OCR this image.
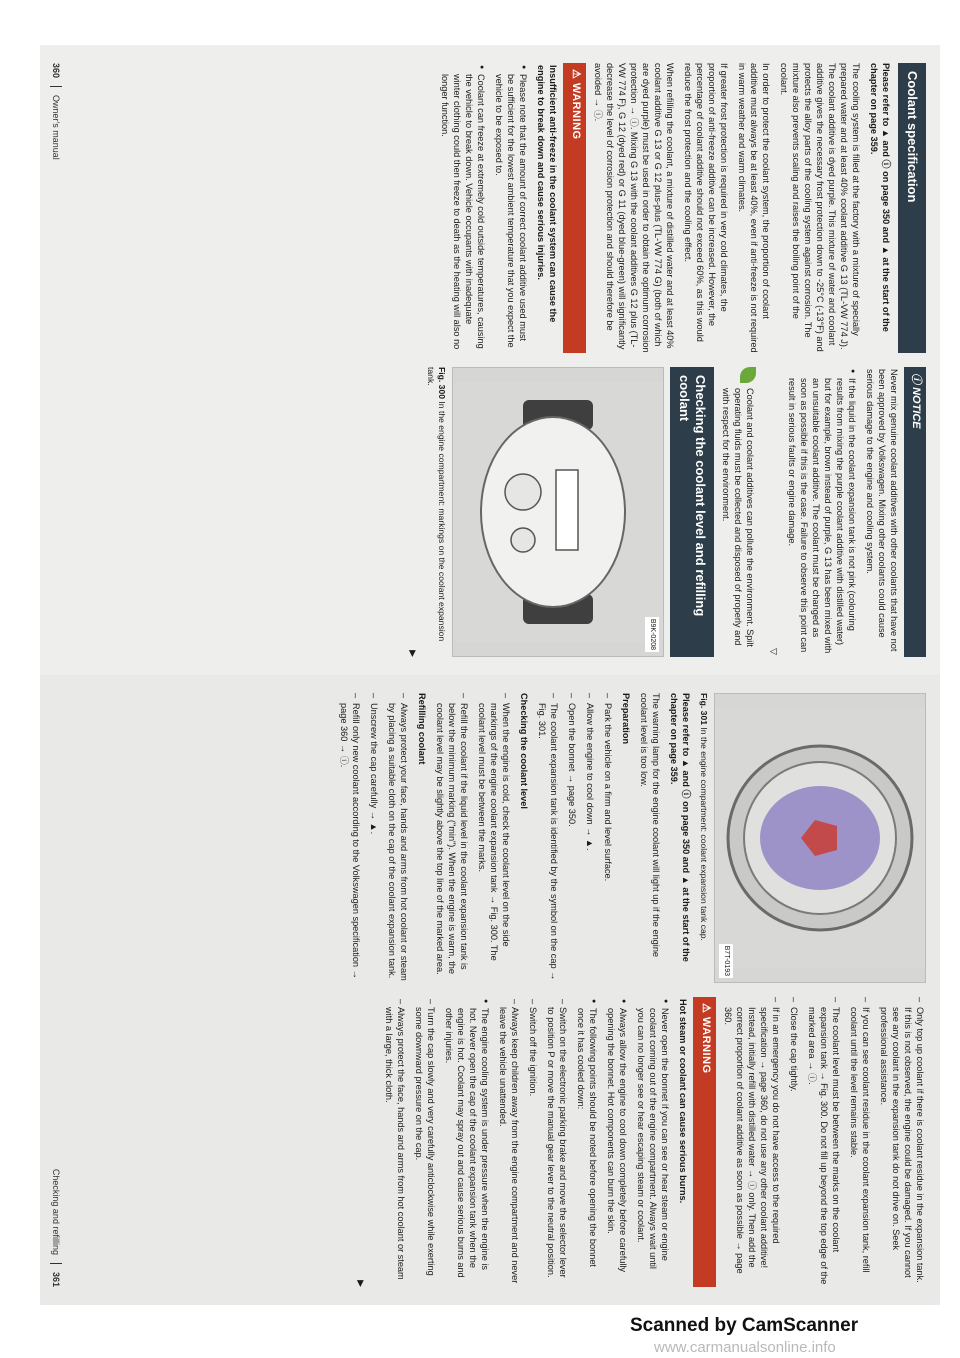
Coolant specification

Please refer to ▲ and ⓘ on page 350 and ▲ at the start of the chapter on page 359.

The cooling system is filled at the factory with a mixture of specially prepared water and at least 40% coolant additive G 13 (TL-VW 774 J). The coolant additive is dyed purple. This mixture of water and coolant additive gives the necessary frost protection down to -25°C (-13°F) and protects the alloy parts of the cooling system against corrosion. The mixture also prevents scaling and raises the boiling point of the coolant.

In order to protect the coolant system, the proportion of coolant additive must always be at least 40%, even if anti-freeze is not required in warm weather and warm climates.

If greater frost protection is required in very cold climates, the proportion of anti-freeze additive can be increased. However, the percentage of coolant additive should not exceed 60%, as this would reduce the frost protection and the cooling effect.

When refilling the coolant, a mixture of distilled water and at least 40% coolant additive G 13 or G 12 plus-plus (TL-VW 774 G) (both of which are dyed purple) must be used in order to obtain the optimum corrosion protection → ⓘ. Mixing G 13 with the coolant additives G 12 plus (TL-VW 774 F), G 12 (dyed red) or G 11 (dyed blue-green) will significantly decrease the level of corrosion protection and should therefore be avoided → ⓘ.

⚠ WARNING

Insufficient anti-freeze in the coolant system can cause the engine to break down and cause serious injuries.

● Please note that the amount of correct coolant additive used must be sufficient for the lowest ambient temperature that you expect the vehicle to be exposed to.

● Coolant can freeze at extremely cold outside temperatures, causing the vehicle to break down. Vehicle occupants with inadequate winter clothing could then freeze to death as the heating will also no longer function.

ⓘ NOTICE

Never mix genuine coolant additives with other coolants that have not been approved by Volkswagen. Mixing other coolants could cause serious damage to the engine and cooling system.

● If the liquid in the coolant expansion tank is not pink (colouring results from mixing the purple coolant additive with distilled water) but for example, brown instead of purple, G 13 has been mixed with an unsuitable coolant additive. The coolant must be changed as soon as possible if this is the case. Failure to observe this point can result in serious faults or engine damage.

▽
Coolant and coolant additives can pollute the environment. Spilt operating fluids must be collected and disposed of properly and with respect for the environment.
Checking the coolant level and refilling coolant
B9K-0208

Fig. 300 In the engine compartment: markings on the coolant expansion tank.

▶
360
Owner's manual
B7T-0193

Fig. 301 In the engine compartment: coolant expansion tank cap.

Please refer to ▲ and ⓘ on page 350 and ▲ at the start of the chapter on page 359.

The warning lamp for the engine coolant will light up if the engine coolant level is too low.

Preparation

– Park the vehicle on a firm and level surface.

– Allow the engine to cool down → ▲.

– Open the bonnet → page 350.

– The coolant expansion tank is identified by the symbol on the cap → Fig. 301.

Checking the coolant level

– When the engine is cold, check the coolant level on the side markings of the engine coolant expansion tank → Fig. 300. The coolant level must be between the marks.

– Refill the coolant if the liquid level in the coolant expansion tank is below the minimum marking ("min"). When the engine is warm, the coolant level may be slightly above the top line of the marked area.

Refilling coolant

– Always protect your face, hands and arms from hot coolant or steam by placing a suitable cloth on the cap of the coolant expansion tank.

– Unscrew the cap carefully → ▲.

– Refill only new coolant according to the Volkswagen specification → page 360 → ⓘ.

– Only top up coolant if there is coolant residue in the expansion tank. If this is not observed, the engine could be damaged. If you cannot see any coolant in the expansion tank do not drive on. Seek professional assistance.

– If you can see coolant residue in the coolant expansion tank, refill coolant until the level remains stable.

– The coolant level must be between the marks on the coolant expansion tank → Fig. 300. Do not fill up beyond the top edge of the marked area → ⓘ.

– Close the cap tightly.

– If in an emergency you do not have access to the required specification → page 360, do not use any other coolant additive! Instead, initially refill with distilled water → ⓘ only. Then add the correct proportion of coolant additive as soon as possible → page 360.

⚠ WARNING

Hot steam or coolant can cause serious burns.

● Never open the bonnet if you can see or hear steam or engine coolant coming out of the engine compartment. Always wait until you can no longer see or hear escaping steam or coolant.

● Always allow the engine to cool down completely before carefully opening the bonnet. Hot components can burn the skin.

● The following points should be noted before opening the bonnet once it has cooled down:

– Switch on the electronic parking brake and move the selector lever to position P or move the manual gear lever to the neutral position.

– Switch off the ignition.

– Always keep children away from the engine compartment and never leave the vehicle unattended.

● The engine cooling system is under pressure when the engine is hot. Never open the cap of the coolant expansion tank when the engine is hot. Coolant may spray out and cause serious burns and other injuries.

– Turn the cap slowly and very carefully anticlockwise while exerting some downward pressure on the cap.

– Always protect the face, hands and arms from hot coolant or steam with a large, thick cloth.

▶
Checking and refilling
361
Scanned by CamScanner
www.carmanualsonline.info
